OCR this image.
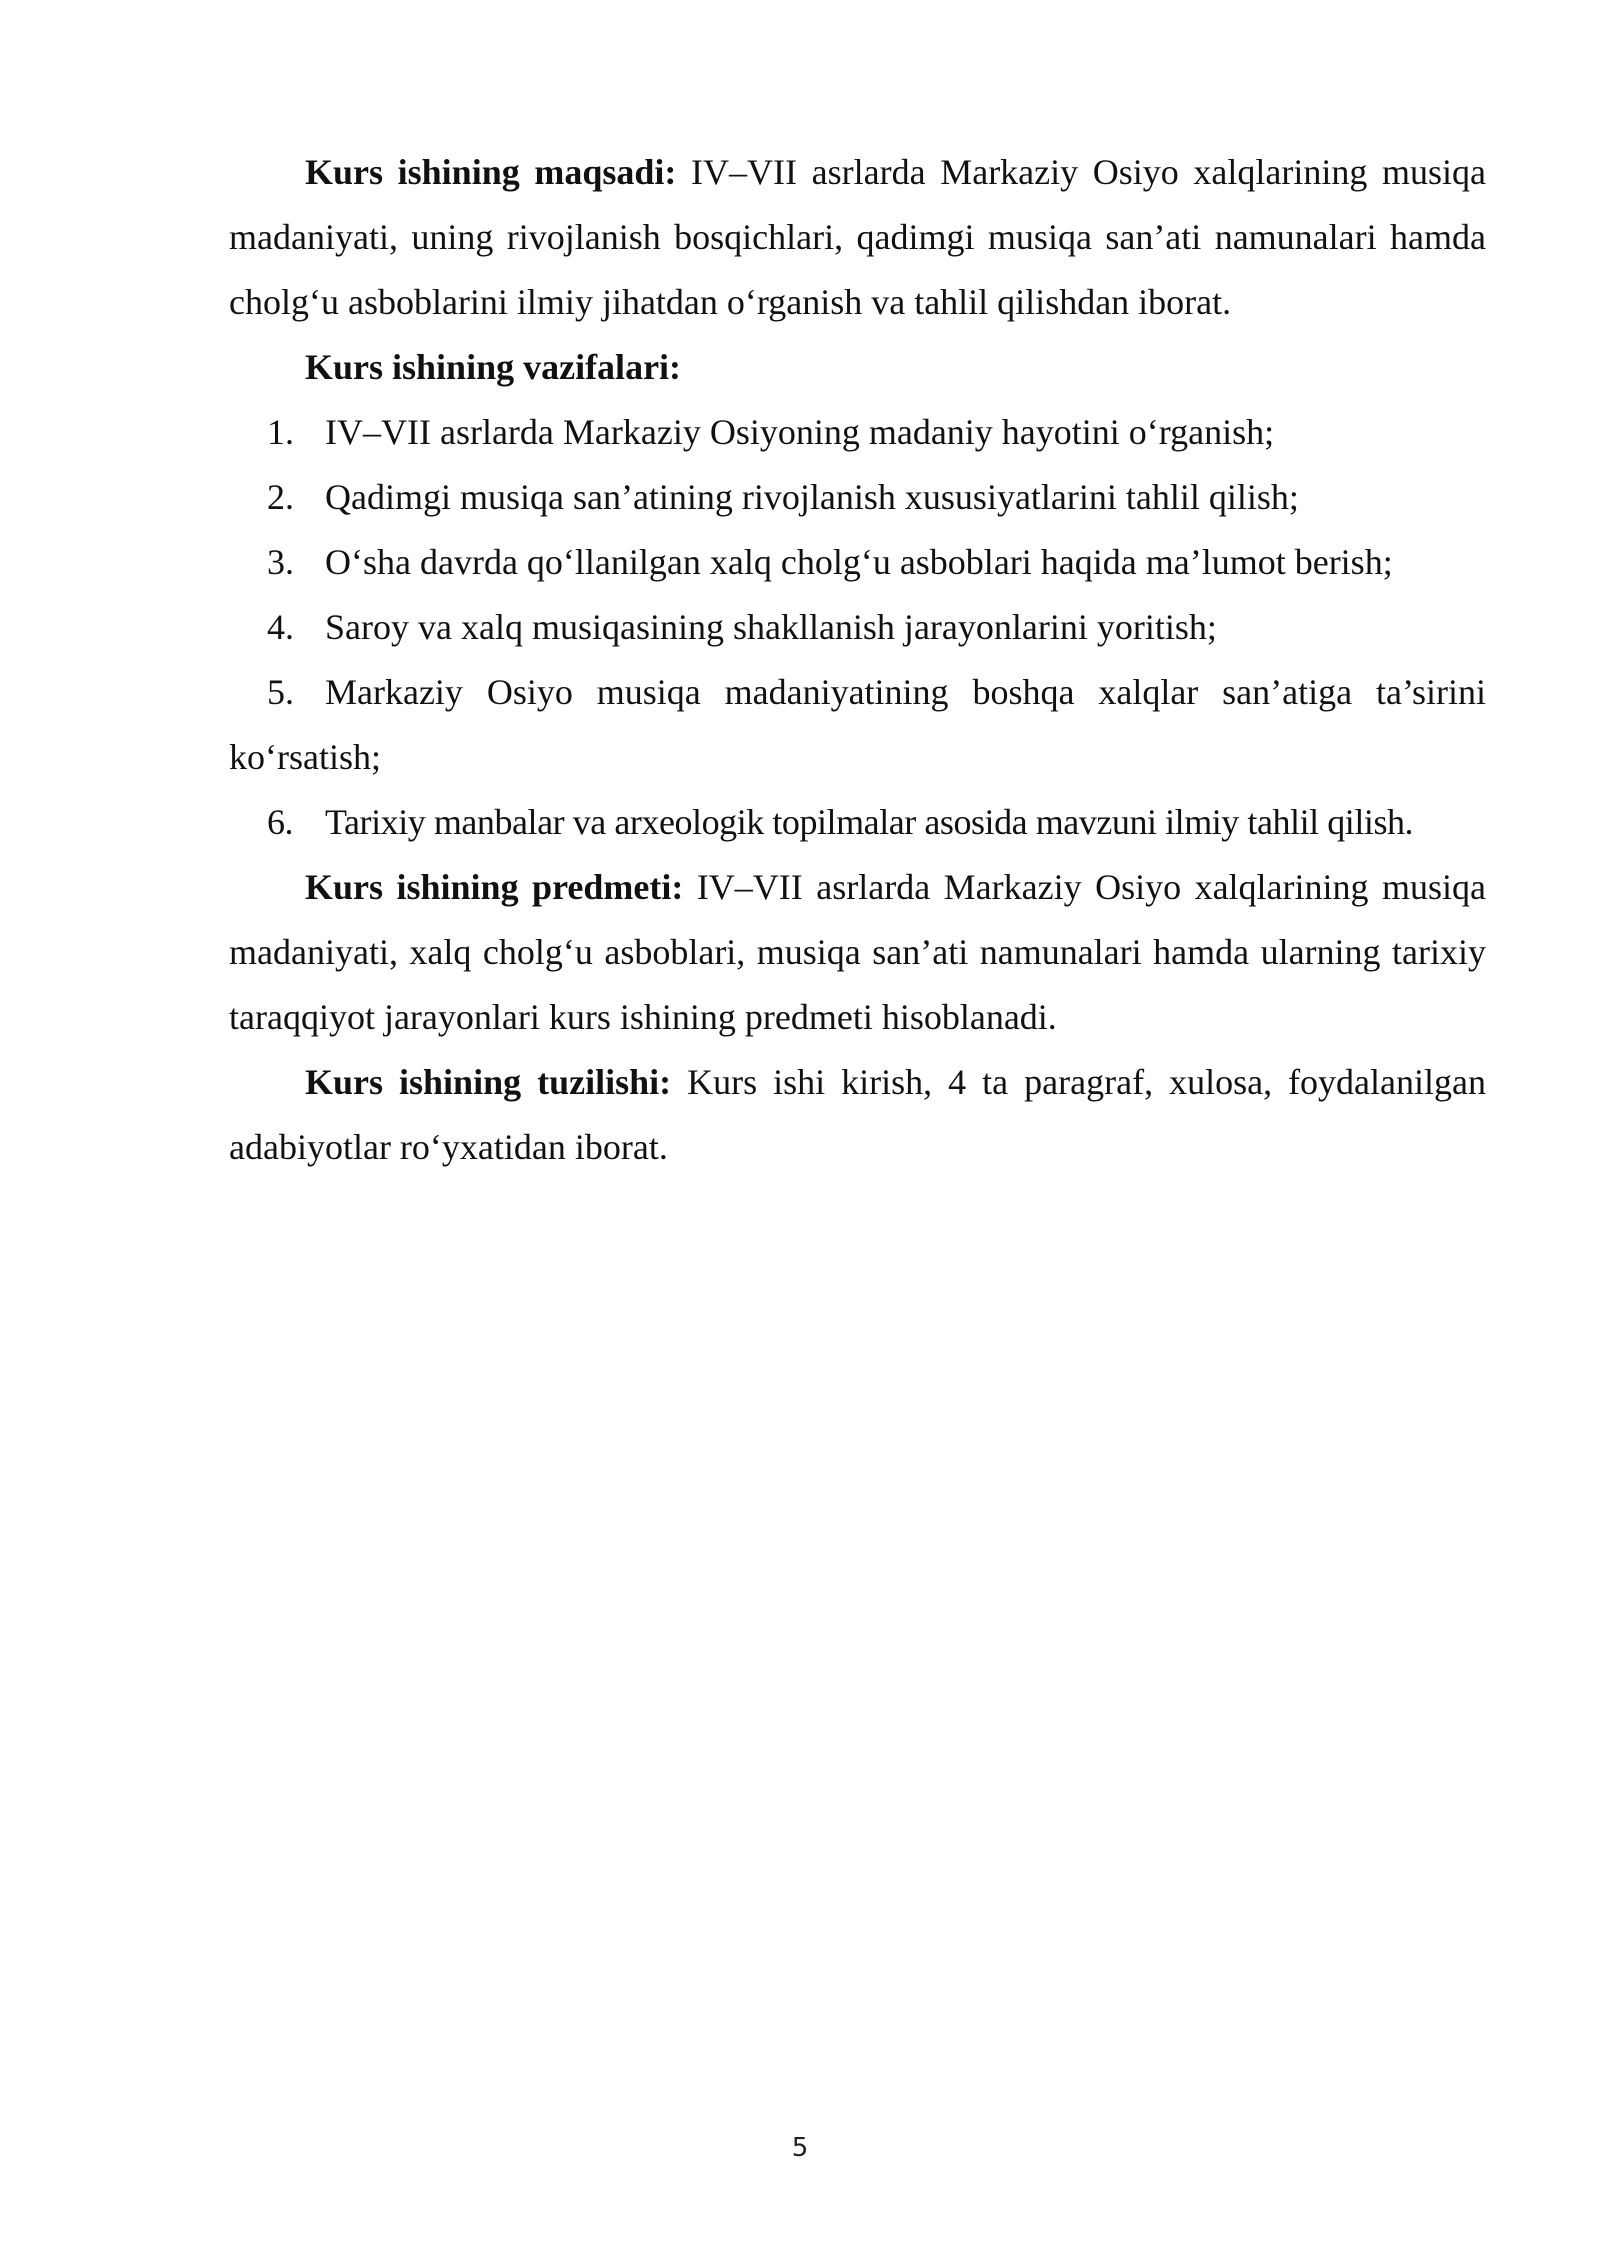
Kurs ishining maqsadi: IV–VII asrlarda Markaziy Osiyo xalqlarining musiqa madaniyati, uning rivojlanish bosqichlari, qadimgi musiqa san’ati namunalari hamda cholg‘u asboblarini ilmiy jihatdan o‘rganish va tahlil qilishdan iborat.

Kurs ishining vazifalari:

1. IV–VII asrlarda Markaziy Osiyoning madaniy hayotini o‘rganish;

2. Qadimgi musiqa san’atining rivojlanish xususiyatlarini tahlil qilish;

3. O‘sha davrda qo‘llanilgan xalq cholg‘u asboblari haqida ma’lumot berish;

4. Saroy va xalq musiqasining shakllanish jarayonlarini yoritish;

5. Markaziy Osiyo musiqa madaniyatining boshqa xalqlar san’atiga ta’sirini ko‘rsatish;

6. Tarixiy manbalar va arxeologik topilmalar asosida mavzuni ilmiy tahlil qilish.

Kurs ishining predmeti: IV–VII asrlarda Markaziy Osiyo xalqlarining musiqa madaniyati, xalq cholg‘u asboblari, musiqa san’ati namunalari hamda ularning tarixiy taraqqiyot jarayonlari kurs ishining predmeti hisoblanadi.

Kurs ishining tuzilishi: Kurs ishi kirish, 4 ta paragraf, xulosa, foydalanilgan adabiyotlar ro‘yxatidan iborat.

5
